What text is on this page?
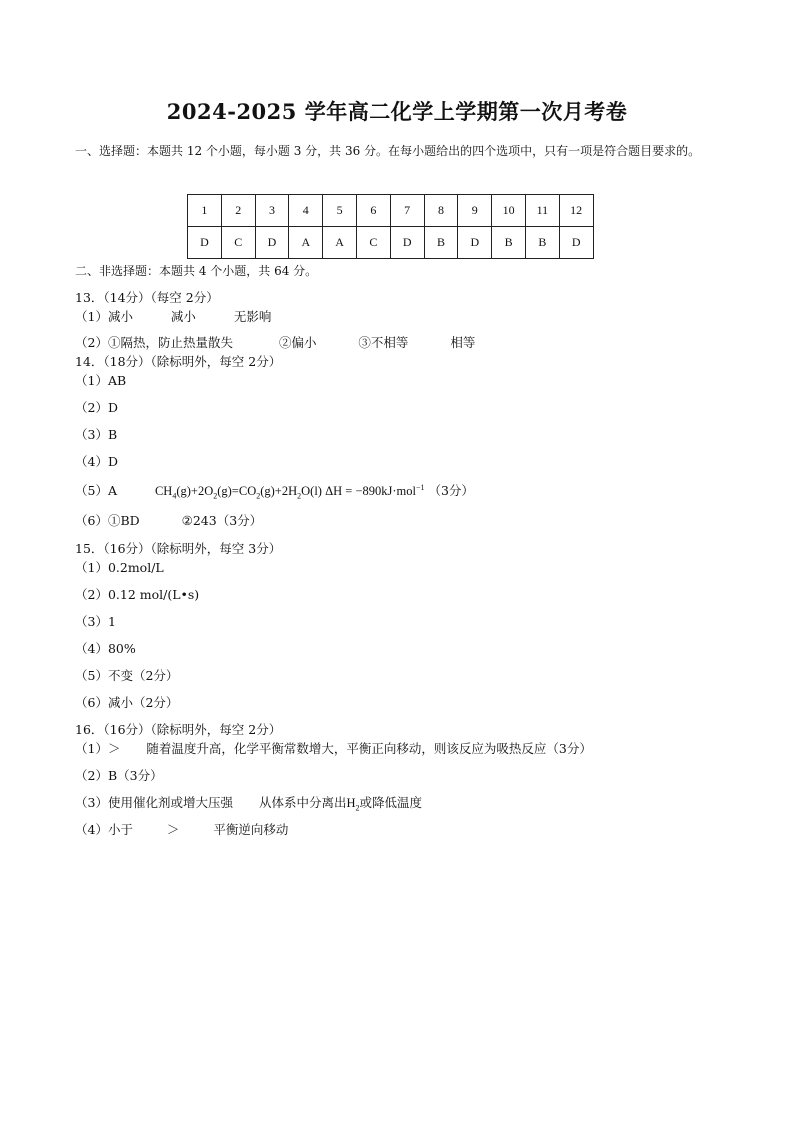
2024-2025 学年高二化学上学期第一次月考卷
一、选择题：本题共 12 个小题，每小题 3 分，共 36 分。在每小题给出的四个选项中，只有一项是符合题目要求的。
1	2	3	4	5	6	7	8	9	10	11	12
D	C	D	A	A	C	D	B	D	B	B	D
二、非选择题：本题共 4 个小题，共 64 分。
13．（14分）（每空 2分）
（1）减小	减小	无影响
（2）①隔热，防止热量散失	②偏小	③不相等	相等
14．（18分）（除标明外，每空 2分）
（1）AB
（2）D
（3）B
（4）D
（5）A	$CH_4(g)+2O_2(g)=CO_2(g)+2H_2O(l) \Delta H = -890kJ\cdot mol^{-1}$ （3分）
（6）①BD	②243（3分）
15．（16分）（除标明外，每空 3分）
（1）0.2mol/L
（2）0.12 mol/(L•s)
（3）1
（4）80%
（5）不变（2分）
（6）减小（2分）
16．（16分）（除标明外，每空 2分）
（1）＞ 随着温度升高，化学平衡常数增大，平衡正向移动，则该反应为吸热反应（3分）
（2）B（3分）
（3）使用催化剂或增大压强 从体系中分离出$H_2$或降低温度
（4）小于	＞	平衡逆向移动
